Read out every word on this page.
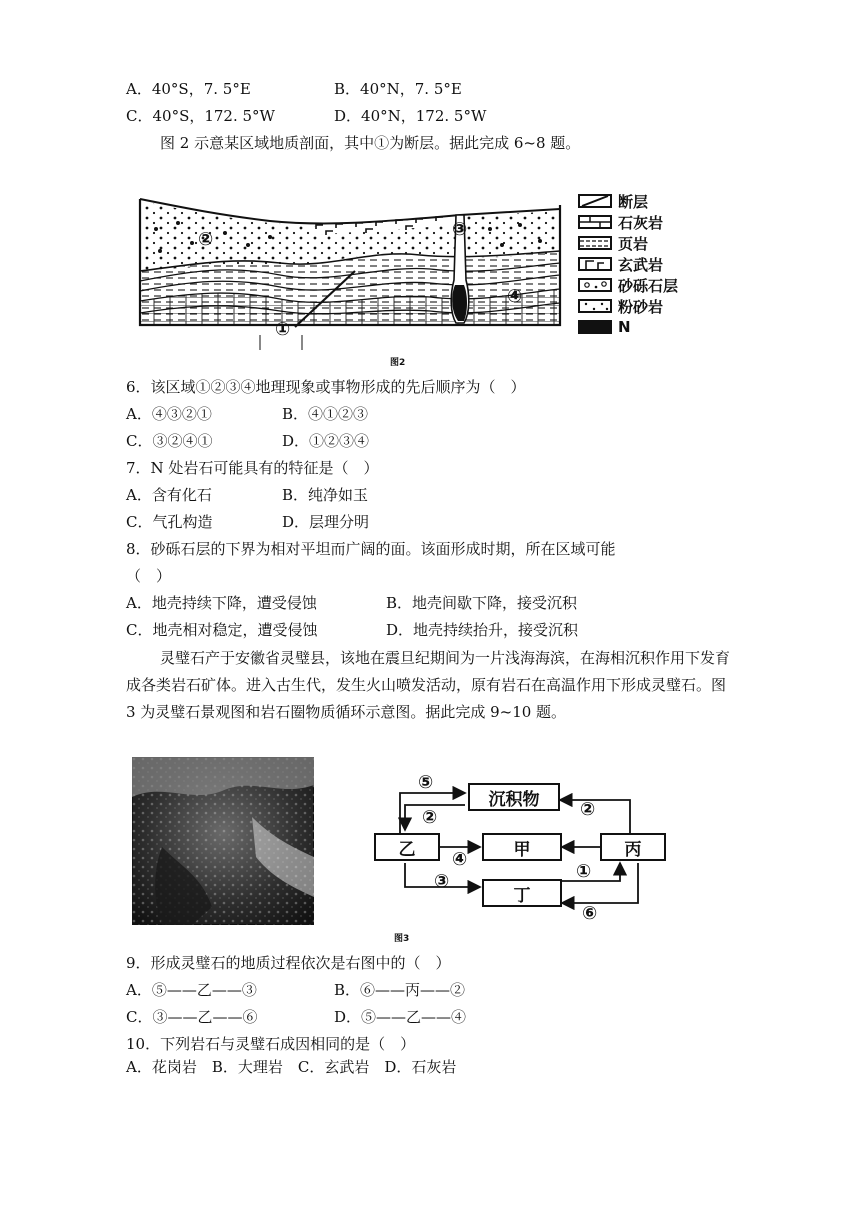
A．40°S，7. 5°E	B．40°N，7. 5°E
C．40°S，172. 5°W	D．40°N，172. 5°W
图 2 示意某区域地质剖面，其中①为断层。据此完成 6~8 题。
②	③
④
①
图2
断层
石灰岩
页岩
玄武岩
砂砾石层
粉砂岩
N
6．该区域①②③④地理现象或事物形成的先后顺序为（　）
A．④③②①	B．④①②③
C．③②④①	D．①②③④
7．N 处岩石可能具有的特征是（　）
A．含有化石	B．纯净如玉
C．气孔构造	D．层理分明
8．砂砾石层的下界为相对平坦而广阔的面。该面形成时期，所在区域可能
（　）
A．地壳持续下降，遭受侵蚀	B．地壳间歇下降，接受沉积
C．地壳相对稳定，遭受侵蚀	D．地壳持续抬升，接受沉积
灵璧石产于安徽省灵璧县，该地在震旦纪期间为一片浅海海滨，在海相沉积作用下发育成各类岩石矿体。进入古生代，发生火山喷发活动，原有岩石在高温作用下形成灵璧石。图 3 为灵璧石景观图和岩石圈物质循环示意图。据此完成 9~10 题。
沉积物
乙	甲	丙
丁
⑤
②	②
④
③	①
⑥
图3
9．形成灵璧石的地质过程依次是右图中的（　）
A．⑤——乙——③	B．⑥——丙——②
C．③——乙——⑥	D．⑤——乙——④
10．下列岩石与灵璧石成因相同的是（　）
A．花岗岩　B．大理岩　C．玄武岩　D．石灰岩
